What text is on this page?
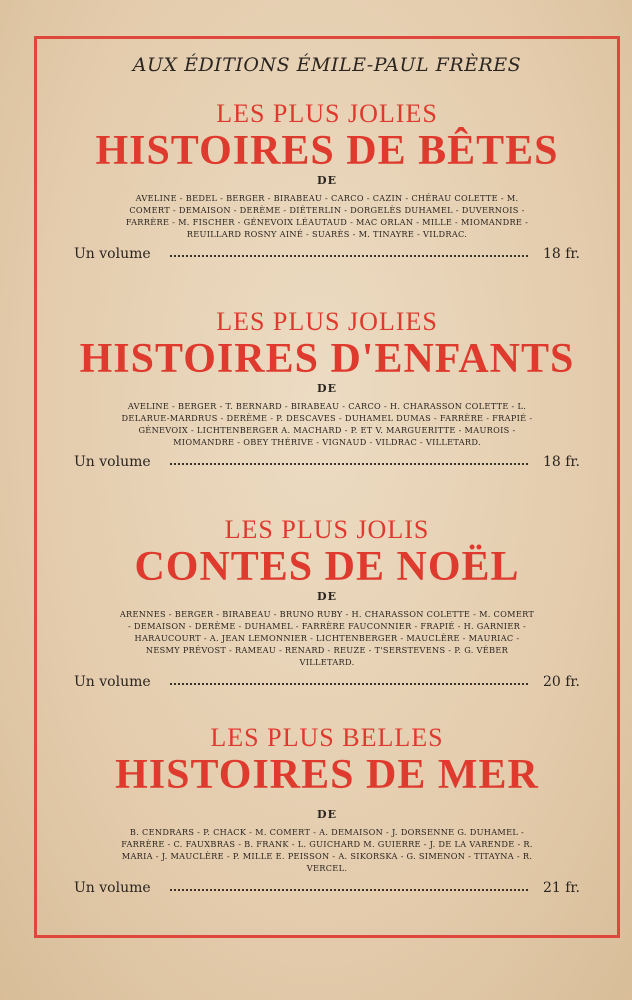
AUX ÉDITIONS ÉMILE-PAUL FRÈRES
LES PLUS JOLIES
HISTOIRES DE BÊTES
DE
AVELINE - BEDEL - BERGER - BIRABEAU - CARCO - CAZIN - CHÉRAU COLETTE - M. COMERT - DEMAISON - DERÈME - DIÉTERLIN - DORGELÈS DUHAMEL - DUVERNOIS - FARRÈRE - M. FISCHER - GÉNEVOIX LÉAUTAUD - MAC ORLAN - MILLE - MIOMANDRE - REUILLARD ROSNY AINÉ - SUARÈS - M. TINAYRE - VILDRAC.
Un volume	18 fr.
LES PLUS JOLIES
HISTOIRES D'ENFANTS
DE
AVELINE - BERGER - T. BERNARD - BIRABEAU - CARCO - H. CHARASSON COLETTE - L. DELARUE-MARDRUS - DERÈME - P. DESCAVES - DUHAMEL DUMAS - FARRÈRE - FRAPIÉ - GÉNEVOIX - LICHTENBERGER A. MACHARD - P. ET V. MARGUERITTE - MAUROIS - MIOMANDRE - OBEY THÉRIVE - VIGNAUD - VILDRAC - VILLETARD.
Un volume	18 fr.
LES PLUS JOLIS
CONTES DE NOËL
DE
ARENNES - BERGER - BIRABEAU - BRUNO RUBY - H. CHARASSON COLETTE - M. COMERT - DEMAISON - DERÈME - DUHAMEL - FARRÈRE FAUCONNIER - FRAPIÉ - H. GARNIER - HARAUCOURT - A. JEAN LEMONNIER - LICHTENBERGER - MAUCLÈRE - MAURIAC - NESMY PRÉVOST - RAMEAU - RENARD - REUZE - T'SERSTEVENS - P. G. VÉBER VILLETARD.
Un volume	20 fr.
LES PLUS BELLES
HISTOIRES DE MER
DE
B. CENDRARS - P. CHACK - M. COMERT - A. DEMAISON - J. DORSENNE G. DUHAMEL - FARRÈRE - C. FAUXBRAS - B. FRANK - L. GUICHARD M. GUIERRE - J. DE LA VARENDE - R. MARIA - J. MAUCLÈRE - P. MILLE E. PEISSON - A. SIKORSKA - G. SIMENON - TITAYNA - R. VERCEL.
Un volume	21 fr.
